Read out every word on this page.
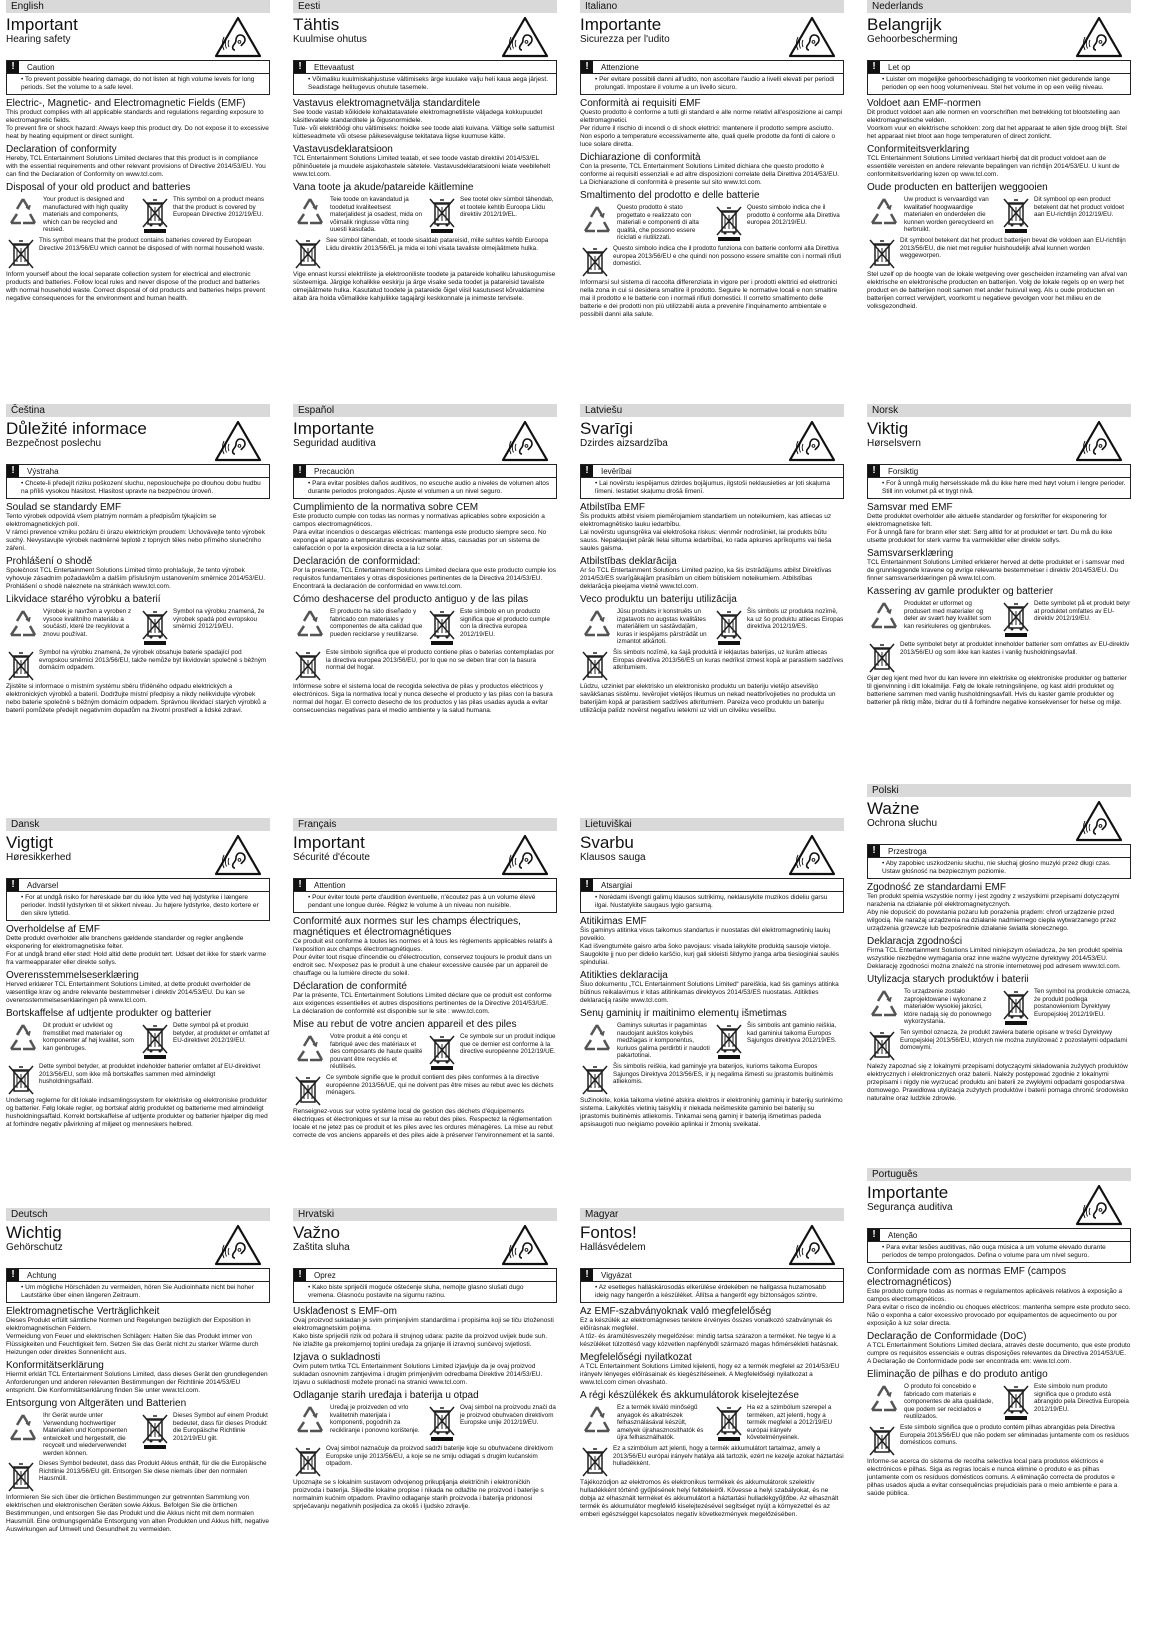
English
Important
Hearing safety
!	Caution
• To prevent possible hearing damage, do not listen at high volume levels for long periods. Set the volume to a safe level.
Electric-, Magnetic- and Electromagnetic Fields (EMF)
This product complies with all applicable standards and regulations regarding exposure to electromagnetic fields.
To prevent fire or shock hazard: Always keep this product dry. Do not expose it to excessive heat by heating equipment or direct sunlight.
Declaration of conformity
Hereby, TCL Entertainment Solutions Limited declares that this product is in compliance with the essential requirements and other relevant provisions of Directive 2014/53/EU. You can find the Declaration of Conformity on www.tcl.com.
Disposal of your old product and batteries
Your product is designed and manufactured with high quality materials and components, which can be recycled and reused.
This symbol on a product means that the product is covered by European Directive 2012/19/EU.
This symbol means that the product contains batteries covered by European Directive 2013/56/EU which cannot be disposed of with normal household waste.
Inform yourself about the local separate collection system for electrical and electronic products and batteries. Follow local rules and never dispose of the product and batteries with normal household waste. Correct disposal of old products and batteries helps prevent negative consequences for the environment and human health.
Eesti
Tähtis
Kuulmise ohutus
!	Ettevaatust
• Võimaliku kuulmiskahjustuse vältimiseks ärge kuulake valju heli kaua aega järjest. Seadistage helitugevus ohutule tasemele.
Vastavus elektromagnetvälja standarditele
See toode vastab kõikidele kohaldatavatele elektromagnetiliste väljadega kokkupuudet käsitlevatele standarditele ja õigusnormidele.
Tule- või elektrilöögi ohu vältimiseks: hoidke see toode alati kuivana. Vältige selle sattumist kütteseadmete või otsese päikesevalguse tekitatava liigse kuumuse kätte.
Vastavusdeklaratsioon
TCL Entertainment Solutions Limited teatab, et see toode vastab direktiivi 2014/53/EL põhinõuetele ja muudele asjakohastele sätetele. Vastavusdeklaratsiooni leiate veebilehelt www.tcl.com.
Vana toote ja akude/patareide käitlemine
Teie toode on kavandatud ja toodetud kvaliteetsest materjalidest ja osadest, mida on võimalik ringlusse võtta ning uuesti kasutada.
See tootel olev sümbol tähendab, et tootele kehtib Euroopa Liidu direktiiv 2012/19/EL.
See sümbol tähendab, et toode sisaldab patareisid, mille suhtes kehtib Euroopa Liidu direktiiv 2013/56/EL ja mida ei tohi visata tavaliste olmejäätmete hulka.
Vige ennast kurssi elektriliste ja elektrooniliste toodete ja patareide kohaliku lahuskogumise süsteemiga. Järgige kohalikke eeskirju ja ärge visake seda toodet ja patareisid tavaliste olmejäätmete hulka. Kasutatud toodete ja patareide õigel viisil kasutusest kõrvaldamine aitab ära hoida võimalikke kahjulikke tagajärgi keskkonnale ja inimeste tervisele.
Italiano
Importante
Sicurezza per l'udito
!	Attenzione
• Per evitare possibili danni all'udito, non ascoltare l'audio a livelli elevati per periodi prolungati. Impostare il volume a un livello sicuro.
Conformità ai requisiti EMF
Questo prodotto è conforme a tutti gli standard e alle norme relativi all'esposizione ai campi elettromagnetici.
Per ridurre il rischio di incendi o di shock elettrici: mantenere il prodotto sempre asciutto. Non esporlo a temperature eccessivamente alte, quali quelle prodotte da fonti di calore o luce solare diretta.
Dichiarazione di conformità
Con la presente, TCL Entertainment Solutions Limited dichiara che questo prodotto è conforme ai requisiti essenziali e ad altre disposizioni correlate della Direttiva 2014/53/EU. La Dichiarazione di conformità è presente sul sito www.tcl.com.
Smaltimento del prodotto e delle batterie
Questo prodotto è stato progettato e realizzato con materiali e componenti di alta qualità, che possono essere riciclati e riutilizzati.
Questo simbolo indica che il prodotto è conforme alla Direttiva europea 2012/19/EU.
Questo simbolo indica che il prodotto funziona con batterie conformi alla Direttiva europea 2013/56/EU e che quindi non possono essere smaltite con i normali rifiuti domestici.
Informarsi sul sistema di raccolta differenziata in vigore per i prodotti elettrici ed elettronici nella zona in cui si desidera smaltire il prodotto. Seguire le normative locali e non smaltire mai il prodotto e le batterie con i normali rifiuti domestici. Il corretto smaltimento delle batterie e dei prodotti non più utilizzabili aiuta a prevenire l'inquinamento ambientale e possibili danni alla salute.
Nederlands
Belangrijk
Gehoorbescherming
!	Let op
• Luister om mogelijke gehoorbeschadiging te voorkomen niet gedurende lange perioden op een hoog volumeniveau. Stel het volume in op een veilig niveau.
Voldoet aan EMF-normen
Dit product voldoet aan alle normen en voorschriften met betrekking tot blootstelling aan elektromagnetische velden.
Voorkom vuur en elektrische schokken: zorg dat het apparaat te allen tijde droog blijft. Stel het apparaat niet bloot aan hoge temperaturen of direct zonlicht.
Conformiteitsverklaring
TCL Entertainment Solutions Limited verklaart hierbij dat dit product voldoet aan de essentiële vereisten en andere relevante bepalingen van richtlijn 2014/53/EU. U kunt de conformiteitsverklaring lezen op www.tcl.com.
Oude producten en batterijen weggooien
Uw product is vervaardigd van kwalitatief hoogwaardige materialen en onderdelen die kunnen worden gerecycleerd en herbruikt.
Dit symbool op een product betekent dat het product voldoet aan EU-richtlijn 2012/19/EU.
Dit symbool betekent dat het product batterijen bevat die voldoen aan EU-richtlijn 2013/56/EU, die niet met regulier huishoudelijk afval kunnen worden weggeworpen.
Stel uzelf op de hoogte van de lokale wetgeving over gescheiden inzameling van afval van elektrische en elektronische producten en batterijen. Volg de lokale regels op en werp het product en de batterijen nooit samen met ander huisvuil weg. Als u oude producten en batterijen correct verwijdert, voorkomt u negatieve gevolgen voor het milieu en de volksgezondheid.
Čeština
Důležité informace
Bezpečnost poslechu
!	Výstraha
• Chcete-li předejít riziku poškození sluchu, neposlouchejte po dlouhou dobu hudbu na příliš vysokou hlasitost. Hlasitost upravte na bezpečnou úroveň.
Soulad se standardy EMF
Tento výrobek odpovídá všem platným normám a předpisům týkajícím se elektromagnetických polí.
V rámci prevence vzniku požáru či úrazu elektrickým proudem: Uchovávejte tento výrobek suchý. Nevystavujte výrobek nadměrné teplotě z topných těles nebo přímého slunečního záření.
Prohlášení o shodě
Společnost TCL Entertainment Solutions Limited tímto prohlašuje, že tento výrobek vyhovuje zásadním požadavkům a dalším příslušným ustanovením směrnice 2014/53/EU. Prohlášení o shodě naleznete na stránkách www.tcl.com.
Likvidace starého výrobku a baterií
Výrobek je navržen a vyroben z vysoce kvalitního materiálu a součástí, které lze recyklovat a znovu používat.
Symbol na výrobku znamená, že výrobek spadá pod evropskou směrnici 2012/19/EU.
Symbol na výrobku znamená, že výrobek obsahuje baterie spadající pod evropskou směrnici 2013/56/EU, takže nemůže být likvidován společně s běžným domácím odpadem.
Zjistěte si informace o místním systému sběru tříděného odpadu elektrických a elektronických výrobků a baterií. Dodržujte místní předpisy a nikdy nelikvidujte výrobek nebo baterie společně s běžným domácím odpadem. Správnou likvidací starých výrobků a baterií pomůžete předejít negativním dopadům na životní prostředí a lidské zdraví.
Español
Importante
Seguridad auditiva
!	Precaución
• Para evitar posibles daños auditivos, no escuche audio a niveles de volumen altos durante periodos prolongados. Ajuste el volumen a un nivel seguro.
Cumplimiento de la normativa sobre CEM
Este producto cumple con todas las normas y normativas aplicables sobre exposición a campos electromagnéticos.
Para evitar incendios o descargas eléctricas: mantenga este producto siempre seco. No exponga el aparato a temperaturas excesivamente altas, causadas por un sistema de calefacción o por la exposición directa a la luz solar.
Declaración de conformidad:
Por la presente, TCL Entertainment Solutions Limited declara que este producto cumple los requisitos fundamentales y otras disposiciones pertinentes de la Directiva 2014/53/EU. Encontrará la declaración de conformidad en www.tcl.com.
Cómo deshacerse del producto antiguo y de las pilas
El producto ha sido diseñado y fabricado con materiales y componentes de alta calidad que pueden reciclarse y reutilizarse.
Este símbolo en un producto significa que el producto cumple con la directiva europea 2012/19/EU.
Este símbolo significa que el producto contiene pilas o baterías contempladas por la directiva europea 2013/56/EU, por lo que no se deben tirar con la basura normal del hogar.
Infórmese sobre el sistema local de recogida selectiva de pilas y productos eléctricos y electrónicos. Siga la normativa local y nunca deseche el producto y las pilas con la basura normal del hogar. El correcto desecho de los productos y las pilas usadas ayuda a evitar consecuencias negativas para el medio ambiente y la salud humana.
Latviešu
Svarīgi
Dzirdes aizsardzība
!	Ievērībai
• Lai novērstu iespējamus dzirdes bojājumus, ilgstoši neklausieties ar ļoti skaļuma līmeni. Iestatiet skaļumu drošā līmenī.
Atbilstība EMF
Šis produkts atbilst visiem piemērojamiem standartiem un noteikumiem, kas attiecas uz elektromagnētisko lauku iedarbību.
Lai novērstu ugunsgrēka vai elektrošoka riskus: vienmēr nodrošiniet, lai produkts būtu sauss. Nepakļaujiet pārāk lielai siltuma iedarbībai, ko rada apkures aprīkojums vai tieša saules gaisma.
Atbilstības deklarācija
Ar šo TCL Entertainment Solutions Limited paziņo, ka šis izstrādājums atbilst Direktīvas 2014/53/ES svarīgākajām prasībām un citiem būtiskiem noteikumiem. Atbilstības deklarācija pieejama vietnē www.tcl.com.
Veco produktu un bateriju utilizācija
Jūsu produkts ir konstruēts un izgatavots no augstas kvalitātes materiāliem un sastāvdaļām, kuras ir iespējams pārstrādāt un izmantot atkārtoti.
Šis simbols uz produkta nozīmē, ka uz šo produktu attiecas Eiropas direktīva 2012/19/ES.
Šis simbols nozīmē, ka šajā produktā ir iekļautas baterijas, uz kurām attiecas Eiropas direktīva 2013/56/ES un kuras nedrīkst izmest kopā ar parastiem sadzīves atkritumiem.
Lūdzu, uzziniet par elektrisko un elektronisko produktu un bateriju vietējo atsevišķo savākšanas sistēmu. Ievērojiet vietējos likumus un nekad neatbrīvojieties no produkta un baterijām kopā ar parastiem sadzīves atkritumiem. Pareiza veco produktu un bateriju utilizācija palīdz novērst negatīvu ietekmi uz vidi un cilvēku veselību.
Norsk
Viktig
Hørselsvern
!	Forsiktig
• For å unngå mulig hørselsskade må du ikke høre med høyt volum i lengre perioder. Still inn volumet på et trygt nivå.
Samsvar med EMF
Dette produktet overholder alle aktuelle standarder og forskrifter for eksponering for elektromagnetiske felt.
For å unngå fare for brann eller støt: Sørg alltid for at produktet er tørt. Du må du ikke utsette produktet for sterk varme fra varmekilder eller direkte sollys.
Samsvarserklæring
TCL Entertainment Solutions Limited erklærer herved at dette produktet er i samsvar med de grunnleggende kravene og øvrige relevante bestemmelser i direktiv 2014/53/EU. Du finner samsvarserklæringen på www.tcl.com.
Kassering av gamle produkter og batterier
Produktet er utformet og produsert med materialer og deler av svært høy kvalitet som kan resirkuleres og gjenbrukes.
Dette symbolet på et produkt betyr at produktet omfattes av EU-direktiv 2012/19/EU.
Dette symbolet betyr at produktet inneholder batterier som omfattes av EU-direktiv 2013/56/EU og som ikke kan kastes i vanlig husholdningsavfall.
Gjør deg kjent med hvor du kan levere inn elektriske og elektroniske produkter og batterier til gjenvinning i ditt lokalmiljø. Følg de lokale retningslinjene, og kast aldri produktet og batteriene sammen med vanlig husholdningsavfall. Hvis du kaster gamle produkter og batterier på riktig måte, bidrar du til å forhindre negative konsekvenser for helse og miljø.
Dansk
Vigtigt
Høresikkerhed
!	Advarsel
• For at undgå risiko for høreskade bør du ikke lytte ved høj lydstyrke i længere perioder. Indstil lydstyrken til et sikkert niveau. Ju højere lydstyrke, desto kortere er den sikre lyttetid.
Overholdelse af EMF
Dette produkt overholder alle branchens gældende standarder og regler angående eksponering for elektromagnetiske felter.
For at undgå brand eller stød: Hold altid dette produkt tørt. Udsæt det ikke for stærk varme fra varmeapparater eller direkte sollys.
Overensstemmelseserklæring
Herved erklærer TCL Entertainment Solutions Limited, at dette produkt overholder de væsentlige krav og andre relevante bestemmelser i direktiv 2014/53/EU. Du kan se overensstemmelseserklæringen på www.tcl.com.
Bortskaffelse af udtjente produkter og batterier
Dit produkt er udviklet og fremstillet med materialer og komponenter af høj kvalitet, som kan genbruges.
Dette symbol på et produkt betyder, at produktet er omfattet af EU-direktivet 2012/19/EU.
Dette symbol betyder, at produktet indeholder batterier omfattet af EU-direktivet 2013/56/EU, som ikke må bortskaffes sammen med almindeligt husholdningsaffald.
Undersøg reglerne for dit lokale indsamlingssystem for elektriske og elektroniske produkter og batterier. Følg lokale regler, og bortskaf aldrig produktet og batterierne med almindeligt husholdningsaffald. Korrekt bortskaffelse af udtjente produkter og batterier hjælper dig med at forhindre negativ påvirkning af miljøet og menneskers helbred.
Français
Important
Sécurité d'écoute
!	Attention
• Pour éviter toute perte d'audition éventuelle, n'écoutez pas à un volume élevé pendant une longue durée. Réglez le volume à un niveau non nuisible.
Conformité aux normes sur les champs électriques, magnétiques et électromagnétiques
Ce produit est conforme à toutes les normes et à tous les règlements applicables relatifs à l'exposition aux champs électromagnétiques.
Pour éviter tout risque d'incendie ou d'électrocution, conservez toujours le produit dans un endroit sec. N'exposez pas le produit à une chaleur excessive causée par un appareil de chauffage ou la lumière directe du soleil.
Déclaration de conformité
Par la présente, TCL Entertainment Solutions Limited déclare que ce produit est conforme aux exigences essentielles et autres dispositions pertinentes de la Directive 2014/53/UE. La déclaration de conformité est disponible sur le site : www.tcl.com.
Mise au rebut de votre ancien appareil et des piles
Votre produit a été conçu et fabriqué avec des matériaux et des composants de haute qualité pouvant être recyclés et réutilisés.
Ce symbole sur un produit indique que ce dernier est conforme à la directive européenne 2012/19/UE.
Ce symbole signifie que le produit contient des piles conformes à la directive européenne 2013/56/UE, qui ne doivent pas être mises au rebut avec les déchets ménagers.
Renseignez-vous sur votre système local de gestion des déchets d'équipements électriques et électroniques et sur la mise au rebut des piles. Respectez la réglementation locale et ne jetez pas ce produit et les piles avec les ordures ménagères. La mise au rebut correcte de vos anciens appareils et des piles aide à préserver l'environnement et la santé.
Lietuviškai
Svarbu
Klausos sauga
!	Atsargiai
• Norėdami išvengti galimų klausos sutrikimų, neklausykite muzikos dideliu garsu ilgai. Nustatykite saugaus lygio garsumą.
Atitikimas EMF
Šis gaminys atitinka visus taikomus standartus ir nuostatas dėl elektromagnetinių laukų poveikio.
Kad išvengtumėte gaisro arba šoko pavojaus: visada laikykite produktą sausoje vietoje. Saugokite jį nuo per didelio karščio, kurį gali skleisti šildymo įranga arba tiesioginiai saulės spinduliai.
Atitikties deklaracija
Šiuo dokumentu „TCL Entertainment Solutions Limited“ pareiškia, kad šis gaminys atitinka būtinus reikalavimus ir kitas atitinkamas direktyvos 2014/53/ES nuostatas. Atitikties deklaraciją rasite www.tcl.com.
Senų gaminių ir maitinimo elementų išmetimas
Gaminys sukurtas ir pagamintas naudojant aukštos kokybės medžiagas ir komponentus, kuriuos galima perdirbti ir naudoti pakartotinai.
Šis simbolis ant gaminio reiškia, kad gaminiui taikoma Europos Sąjungos direktyva 2012/19/ES.
Šis simbolis reiškia, kad gaminyje yra baterijos, kurioms taikoma Europos Sąjungos Direktyva 2013/56/ES, ir jų negalima išmesti su įprastomis buitinėmis atliekomis.
Sužinokite, kokia taikoma vietinė atskira elektros ir elektroninių gaminių ir baterijų surinkimo sistema. Laikykitės vietinių taisyklių ir niekada neišmeskite gaminio bei baterijų su įprastomis buitinėmis atliekomis. Tinkamai seną gaminį ir bateriją išmetimas padeda apsisaugoti nuo neigiamo poveikio aplinkai ir žmonių sveikatai.
Polski
Ważne
Ochrona słuchu
!	Przestroga
• Aby zapobiec uszkodzeniu słuchu, nie słuchaj głośno muzyki przez długi czas. Ustaw głośność na bezpiecznym poziomie.
Zgodność ze standardami EMF
Ten produkt spełnia wszystkie normy i jest zgodny z wszystkimi przepisami dotyczącymi narażenia na działanie pól elektromagnetycznych.
Aby nie dopuścić do powstania pożaru lub porażenia prądem: chroń urządzenie przed wilgocią. Nie narażaj urządzenia na działanie nadmiernego ciepła wytwarzanego przez urządzenia grzewcze lub bezpośrednie działanie światła słonecznego.
Deklaracja zgodności
Firma TCL Entertainment Solutions Limited niniejszym oświadcza, że ten produkt spełnia wszystkie niezbędne wymagania oraz inne ważne wytyczne dyrektywy 2014/53/EU. Deklarację zgodności można znaleźć na stronie internetowej pod adresem www.tcl.com.
Utylizacja starych produktów i baterii
To urządzenie zostało zaprojektowane i wykonane z materiałów wysokiej jakości, które nadają się do ponownego wykorzystania.
Ten symbol na produkcie oznacza, że produkt podlega postanowieniom Dyrektywy Europejskiej 2012/19/EU.
Ten symbol oznacza, że produkt zawiera baterie opisane w treści Dyrektywy Europejskiej 2013/56/EU, których nie można zutylizować z pozostałymi odpadami domowymi.
Należy zapoznać się z lokalnymi przepisami dotyczącymi składowania zużytych produktów elektrycznych i elektronicznych oraz baterii. Należy postępować zgodnie z lokalnymi przepisami i nigdy nie wyrzucać produktu ani baterii ze zwykłymi odpadami gospodarstwa domowego. Prawidłowa utylizacja zużytych produktów i baterii pomaga chronić środowisko naturalne oraz ludzkie zdrowie.
Deutsch
Wichtig
Gehörschutz
!	Achtung
• Um mögliche Hörschäden zu vermeiden, hören Sie Audioinhalte nicht bei hoher Lautstärke über einen längeren Zeitraum.
Elektromagnetische Verträglichkeit
Dieses Produkt erfüllt sämtliche Normen und Regelungen bezüglich der Exposition in elektromagnetischen Feldern.
Vermeidung von Feuer und elektrischen Schlägen: Halten Sie das Produkt immer von Flüssigkeiten und Feuchtigkeit fern. Setzen Sie das Gerät nicht zu starker Wärme durch Heizungen oder direktes Sonnenlicht aus.
Konformitätserklärung
Hiermit erklärt TCL Entertainment Solutions Limited, dass dieses Gerät den grundlegenden Anforderungen und anderen relevanten Bestimmungen der Richtlinie 2014/53/EU entspricht. Die Konformitätserklärung finden Sie unter www.tcl.com.
Entsorgung von Altgeräten und Batterien
Ihr Gerät wurde unter Verwendung hochwertiger Materialien und Komponenten entwickelt und hergestellt, die recycelt und wiederverwendet werden können.
Dieses Symbol auf einem Produkt bedeutet, dass für dieses Produkt die Europäische Richtlinie 2012/19/EU gilt.
Dieses Symbol bedeutet, dass das Produkt Akkus enthält, für die die Europäische Richtlinie 2013/56/EU gilt. Entsorgen Sie diese niemals über den normalen Hausmüll.
Informieren Sie sich über die örtlichen Bestimmungen zur getrennten Sammlung von elektrischen und elektronischen Geräten sowie Akkus. Befolgen Sie die örtlichen Bestimmungen, und entsorgen Sie das Produkt und die Akkus nicht mit dem normalen Hausmüll. Eine ordnungsgemäße Entsorgung von alten Produkten und Akkus hilft, negative Auswirkungen auf Umwelt und Gesundheit zu vermeiden.
Hrvatski
Važno
Zaštita sluha
!	Oprez
• Kako biste spriječili moguće oštećenje sluha, nemojte glasno slušati dugo vremena. Glasnoću postavite na sigurnu razinu.
Usklađenost s EMF-om
Ovaj proizvod sukladan je svim primjenjivim standardima i propisima koji se tiču izloženosti elektromagnetskim poljima.
Kako biste spriječili rizik od požara ili strujnog udara: pazite da proizvod uvijek bude suh. Ne izlažite ga prekomjernoj toplini uređaja za grijanje ili izravnoj sunčevoj svjetlosti.
Izjava o sukladnosti
Ovim putem tvrtka TCL Entertainment Solutions Limited izjavljuje da je ovaj proizvod sukladan osnovnim zahtjevima i drugim primjenjivim odredbama Direktive 2014/53/EU. Izjavu o sukladnosti možete pronaći na stranici www.tcl.com.
Odlaganje starih uređaja i baterija u otpad
Uređaj je proizveden od vrlo kvalitetnih materijala i komponenti, pogodnih za recikliranje i ponovno korištenje.
Ovaj simbol na proizvodu znači da je proizvod obuhvaćen direktivom Europske unije 2012/19/EU.
Ovaj simbol naznačuje da proizvod sadrži baterije koje su obuhvaćene direktivom Europske unije 2013/56/EU, a koje se ne smiju odlagati s drugim kućanskim otpadom.
Upoznajte se s lokalnim sustavom odvojenog prikupljanja električnih i elektroničkih proizvoda i baterija. Slijedite lokalne propise i nikada ne odlažite ne proizvod i baterije s normalnim kućnim otpadom. Pravilno odlaganje starih proizvoda i baterija pridonosi sprječavanju negativnih posljedica za okoliš i ljudsko zdravlje.
Magyar
Fontos!
Hallásvédelem
!	Vigyázat
• Az esetleges halláskárosodás elkerülése érdekében ne hallgassa huzamosabb ideig nagy hangerőn a készüléket. Állítsa a hangerőt egy biztonságos szintre.
Az EMF-szabványoknak való megfelelőség
Ez a készülék az elektromágneses terekre érvényes összes vonatkozó szabványnak és előírásnak megfelel.
A tűz- és áramütésveszély megelőzése: mindig tartsa szárazon a terméket. Ne tegye ki a készüléket túlzottéső vagy közvetlen napfényből származó magas hőmérsékleti hatásnak.
Megfelelőségi nyilatkozat
A TCL Entertainment Solutions Limited kijelenti, hogy ez a termék megfelel az 2014/53/EU irányelv lényeges előírásainak és kiegészítéseinek. A Megfelelőségi nyilatkozat a www.tcl.com címen olvasható.
A régi készülékek és akkumulátorok kiselejtezése
Ez a termék kiváló minőségű anyagok és alkatrészek felhasználásával készült, amelyek újrahasznosíthatók és újra felhasználhatók.
Ha ez a szimbólum szerepel a terméken, azt jelenti, hogy a termék megfelel a 2012/19/EU európai irányelv követelményeinek.
Ez a szimbólum azt jelenti, hogy a termék akkumulátort tartalmaz, amely a 2013/56/EU európai irányelv hatálya alá tartozik, ezért ne kezelje azokat háztartási hulladékként.
Tájékozódjon az elektromos és elektronikus termékek és akkumulátorok szelektív hulladékként történő gyűjtésének helyi feltételeiről. Kövesse a helyi szabályokat, és ne dobja az elhasznált terméket és akkumulátort a háztartási hulladékgyűjtőbe. Az elhasznált termék és akkumulátor megfelelő kiselejtezésével segítséget nyújt a környezettel és az emberi egészséggel kapcsolatos negatív következmények megelőzésében.
Português
Importante
Segurança auditiva
!	Atenção
• Para evitar lesões auditivas, não ouça música a um volume elevado durante períodos de tempo prolongados. Defina o volume para um nível seguro.
Conformidade com as normas EMF (campos electromagnéticos)
Este produto cumpre todas as normas e regulamentos aplicáveis relativos à exposição a campos electromagnéticos.
Para evitar o risco de incêndio ou choques eléctricos: mantenha sempre este produto seco. Não o exponha a calor excessivo provocado por equipamentos de aquecimento ou por exposição à luz solar directa.
Declaração de Conformidade (DoC)
A TCL Entertainment Solutions Limited declara, através deste documento, que este produto cumpre os requisitos essenciais e outras disposições relevantes da Directiva 2014/53/UE. A Declaração de Conformidade pode ser encontrada em: www.tcl.com.
Eliminação de pilhas e do produto antigo
O produto foi concebido e fabricado com materiais e componentes de alta qualidade, que podem ser reciclados e reutilizados.
Este símbolo num produto significa que o produto está abrangido pela Directiva Europeia 2012/19/EU.
Este símbolo significa que o produto contém pilhas abrangidas pela Directiva Europeia 2013/56/EU que não podem ser eliminadas juntamente com os resíduos domésticos comuns.
Informe-se acerca do sistema de recolha selectiva local para produtos eléctricos e electrónicos e pilhas. Siga as regras locais e nunca elimine o produto e as pilhas juntamente com os resíduos domésticos comuns. A eliminação correcta de produtos e pilhas usados ajuda a evitar consequências prejudiciais para o meio ambiente e para a saúde pública.
